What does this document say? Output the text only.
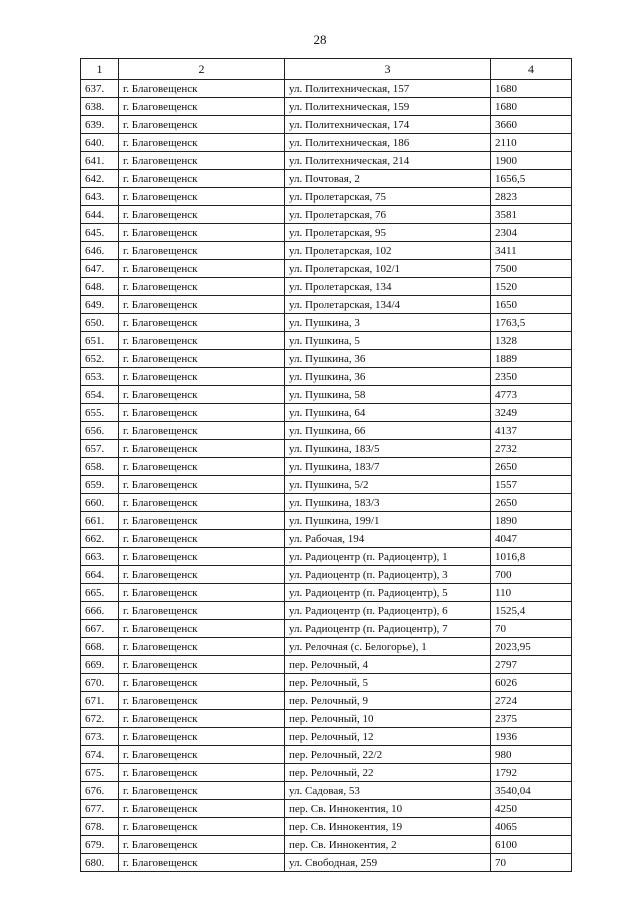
28
1	2	3	4
637.	г. Благовещенск	ул. Политехническая, 157	1680
638.	г. Благовещенск	ул. Политехническая, 159	1680
639.	г. Благовещенск	ул. Политехническая, 174	3660
640.	г. Благовещенск	ул. Политехническая, 186	2110
641.	г. Благовещенск	ул. Политехническая, 214	1900
642.	г. Благовещенск	ул. Почтовая, 2	1656,5
643.	г. Благовещенск	ул. Пролетарская, 75	2823
644.	г. Благовещенск	ул. Пролетарская, 76	3581
645.	г. Благовещенск	ул. Пролетарская, 95	2304
646.	г. Благовещенск	ул. Пролетарская, 102	3411
647.	г. Благовещенск	ул. Пролетарская, 102/1	7500
648.	г. Благовещенск	ул. Пролетарская, 134	1520
649.	г. Благовещенск	ул. Пролетарская, 134/4	1650
650.	г. Благовещенск	ул. Пушкина, 3	1763,5
651.	г. Благовещенск	ул. Пушкина, 5	1328
652.	г. Благовещенск	ул. Пушкина, 36	1889
653.	г. Благовещенск	ул. Пушкина, 36	2350
654.	г. Благовещенск	ул. Пушкина, 58	4773
655.	г. Благовещенск	ул. Пушкина, 64	3249
656.	г. Благовещенск	ул. Пушкина, 66	4137
657.	г. Благовещенск	ул. Пушкина, 183/5	2732
658.	г. Благовещенск	ул. Пушкина, 183/7	2650
659.	г. Благовещенск	ул. Пушкина, 5/2	1557
660.	г. Благовещенск	ул. Пушкина, 183/3	2650
661.	г. Благовещенск	ул. Пушкина, 199/1	1890
662.	г. Благовещенск	ул. Рабочая, 194	4047
663.	г. Благовещенск	ул. Радиоцентр (п. Радиоцентр), 1	1016,8
664.	г. Благовещенск	ул. Радиоцентр (п. Радиоцентр), 3	700
665.	г. Благовещенск	ул. Радиоцентр (п. Радиоцентр), 5	110
666.	г. Благовещенск	ул. Радиоцентр (п. Радиоцентр), 6	1525,4
667.	г. Благовещенск	ул. Радиоцентр (п. Радиоцентр), 7	70
668.	г. Благовещенск	ул. Релочная (с. Белогорье), 1	2023,95
669.	г. Благовещенск	пер. Релочный, 4	2797
670.	г. Благовещенск	пер. Релочный, 5	6026
671.	г. Благовещенск	пер. Релочный, 9	2724
672.	г. Благовещенск	пер. Релочный, 10	2375
673.	г. Благовещенск	пер. Релочный, 12	1936
674.	г. Благовещенск	пер. Релочный, 22/2	980
675.	г. Благовещенск	пер. Релочный, 22	1792
676.	г. Благовещенск	ул. Садовая, 53	3540,04
677.	г. Благовещенск	пер. Св. Иннокентия, 10	4250
678.	г. Благовещенск	пер. Св. Иннокентия, 19	4065
679.	г. Благовещенск	пер. Св. Иннокентия, 2	6100
680.	г. Благовещенск	ул. Свободная, 259	70
